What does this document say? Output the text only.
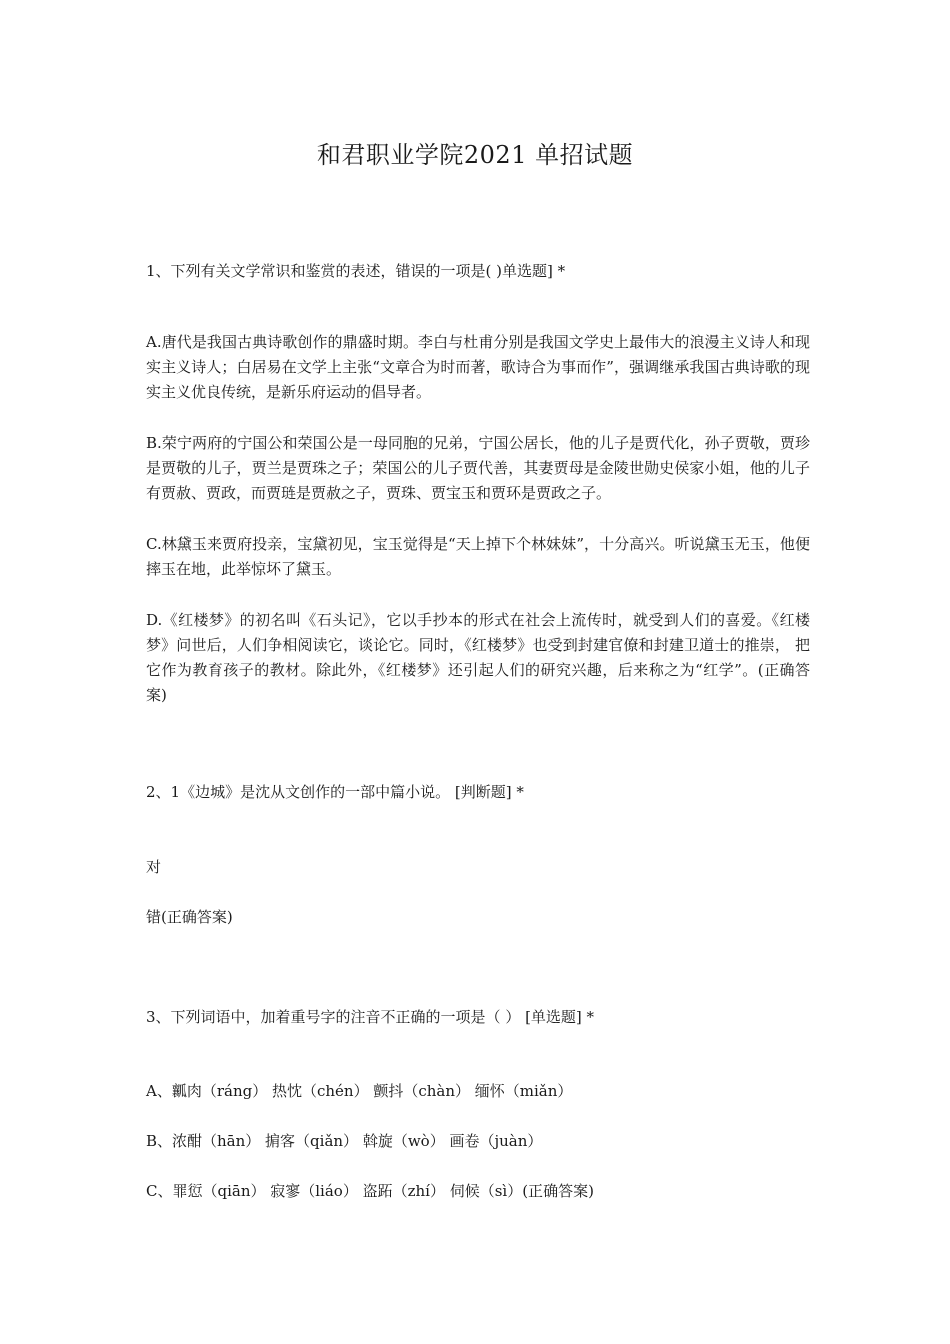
和君职业学院2021 单招试题
1、下列有关文学常识和鉴赏的表述，错误的一项是( )单选题] *
A.唐代是我国古典诗歌创作的鼎盛时期。李白与杜甫分别是我国文学史上最伟大的浪漫主义诗人和现实主义诗人；白居易在文学上主张“文章合为时而著，歌诗合为事而作”，强调继承我国古典诗歌的现实主义优良传统，是新乐府运动的倡导者。
B.荣宁两府的宁国公和荣国公是一母同胞的兄弟，宁国公居长，他的儿子是贾代化，孙子贾敬，贾珍是贾敬的儿子，贾兰是贾珠之子；荣国公的儿子贾代善，其妻贾母是金陵世勋史侯家小姐，他的儿子有贾赦、贾政，而贾琏是贾赦之子，贾珠、贾宝玉和贾环是贾政之子。
C.林黛玉来贾府投亲，宝黛初见，宝玉觉得是“天上掉下个林妹妹”，十分高兴。听说黛玉无玉，他便摔玉在地，此举惊坏了黛玉。
D.《红楼梦》的初名叫《石头记》，它以手抄本的形式在社会上流传时，就受到人们的喜爱。《红楼梦》问世后，人们争相阅读它，谈论它。同时，《红楼梦》也受到封建官僚和封建卫道士的推崇， 把它作为教育孩子的教材。除此外，《红楼梦》还引起人们的研究兴趣，后来称之为“红学”。(正确答案)
2、1《边城》是沈从文创作的一部中篇小说。 [判断题] *
对
错(正确答案)
3、下列词语中，加着重号字的注音不正确的一项是（ ） [单选题] *
A、瓤肉（ráng） 热忱（chén） 颤抖（chàn） 缅怀（miǎn）
B、浓酣（hān） 掮客（qiǎn） 斡旋（wò） 画卷（juàn）
C、罪愆（qiān） 寂寥（liáo） 盗跖（zhí） 伺候（sì）(正确答案)
